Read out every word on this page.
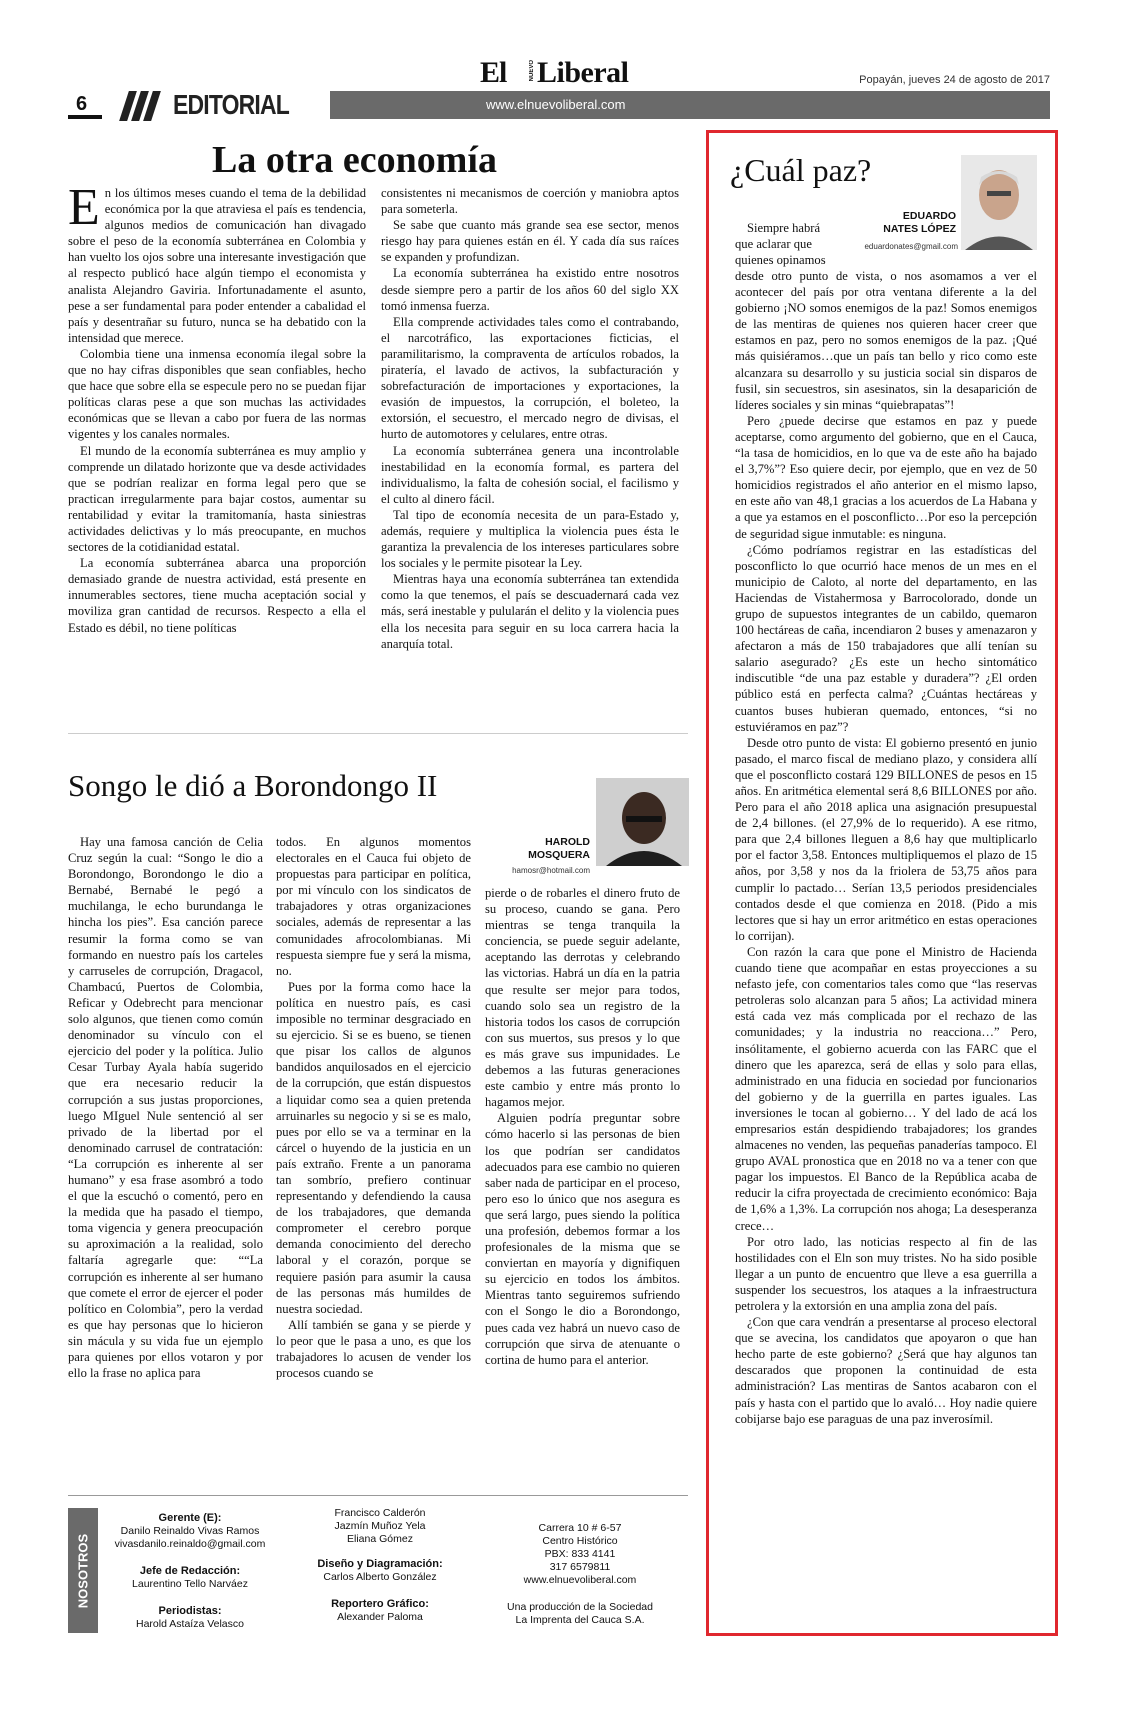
El	NUEVO Liberal	Popayán, jueves 24 de agosto de 2017
6	EDITORIAL	www.elnuevoliberal.com
La otra economía

En los últimos meses cuando el tema de la debilidad económica por la que atraviesa el país es tendencia, algunos medios de comunicación han divagado sobre el peso de la economía subterránea en Colombia y han vuelto los ojos sobre una interesante investigación que al respecto publicó hace algún tiempo el economista y analista Alejandro Gaviria. Infortunadamente el asunto, pese a ser fundamental para poder entender a cabalidad el país y desentrañar su futuro, nunca se ha debatido con la intensidad que merece.

Colombia tiene una inmensa economía ilegal sobre la que no hay cifras disponibles que sean confiables, hecho que hace que sobre ella se especule pero no se puedan fijar políticas claras pese a que son muchas las actividades económicas que se llevan a cabo por fuera de las normas vigentes y los canales normales.

El mundo de la economía subterránea es muy amplio y comprende un dilatado horizonte que va desde actividades que se podrían realizar en forma legal pero que se practican irregularmente para bajar costos, aumentar su rentabilidad y evitar la tramitomanía, hasta siniestras actividades delictivas y lo más preocupante, en muchos sectores de la cotidianidad estatal.

La economía subterránea abarca una proporción demasiado grande de nuestra actividad, está presente en innumerables sectores, tiene mucha aceptación social y moviliza gran cantidad de recursos. Respecto a ella el Estado es débil, no tiene políticas

consistentes ni mecanismos de coerción y maniobra aptos para someterla.

Se sabe que cuanto más grande sea ese sector, menos riesgo hay para quienes están en él. Y cada día sus raíces se expanden y profundizan.

La economía subterránea ha existido entre nosotros desde siempre pero a partir de los años 60 del siglo XX tomó inmensa fuerza.

Ella comprende actividades tales como el contrabando, el narcotráfico, las exportaciones ficticias, el paramilitarismo, la compraventa de artículos robados, la piratería, el lavado de activos, la subfacturación y sobrefacturación de importaciones y exportaciones, la evasión de impuestos, la corrupción, el boleteo, la extorsión, el secuestro, el mercado negro de divisas, el hurto de automotores y celulares, entre otras.

La economía subterránea genera una incontrolable inestabilidad en la economía formal, es partera del individualismo, la falta de cohesión social, el facilismo y el culto al dinero fácil.

Tal tipo de economía necesita de un para-Estado y, además, requiere y multiplica la violencia pues ésta le garantiza la prevalencia de los intereses particulares sobre los sociales y le permite pisotear la Ley.

Mientras haya una economía subterránea tan extendida como la que tenemos, el país se descuadernará cada vez más, será inestable y pulularán el delito y la violencia pues ella los necesita para seguir en su loca carrera hacia la anarquía total.

Songo le dió a Borondongo II
HAROLD
MOSQUERA
hamosr@hotmail.com

Hay una famosa canción de Celia Cruz según la cual: “Songo le dio a Borondongo, Borondongo le dio a Bernabé, Bernabé le pegó a muchilanga, le echo burundanga le hincha los pies”. Esa canción parece resumir la forma como se van formando en nuestro país los carteles y carruseles de corrupción, Dragacol, Chambacú, Puertos de Colombia, Reficar y Odebrecht para mencionar solo algunos, que tienen como común denominador su vínculo con el ejercicio del poder y la política. Julio Cesar Turbay Ayala había sugerido que era necesario reducir la corrupción a sus justas proporciones, luego MIguel Nule sentenció al ser privado de la libertad por el denominado carrusel de contratación: “La corrupción es inherente al ser humano” y esa frase asombró a todo el que la escuchó o comentó, pero en la medida que ha pasado el tiempo, toma vigencia y genera preocupación su aproximación a la realidad, solo faltaría agregarle que: ““La corrupción es inherente al ser humano que comete el error de ejercer el poder político en Colombia”, pero la verdad es que hay personas que lo hicieron sin mácula y su vida fue un ejemplo para quienes por ellos votaron y por ello la frase no aplica para

todos. En algunos momentos electorales en el Cauca fui objeto de propuestas para participar en política, por mi vínculo con los sindicatos de trabajadores y otras organizaciones sociales, además de representar a las comunidades afrocolombianas. Mi respuesta siempre fue y será la misma, no.

Pues por la forma como hace la política en nuestro país, es casi imposible no terminar desgraciado en su ejercicio. Si se es bueno, se tienen que pisar los callos de algunos bandidos anquilosados en el ejercicio de la corrupción, que están dispuestos a liquidar como sea a quien pretenda arruinarles su negocio y si se es malo, pues por ello se va a terminar en la cárcel o huyendo de la justicia en un país extraño. Frente a un panorama tan sombrío, prefiero continuar representando y defendiendo la causa de los trabajadores, que demanda comprometer el cerebro porque demanda conocimiento del derecho laboral y el corazón, porque se requiere pasión para asumir la causa de las personas más humildes de nuestra sociedad.

Allí también se gana y se pierde y lo peor que le pasa a uno, es que los trabajadores lo acusen de vender los procesos cuando se

pierde o de robarles el dinero fruto de su proceso, cuando se gana. Pero mientras se tenga tranquila la conciencia, se puede seguir adelante, aceptando las derrotas y celebrando las victorias. Habrá un día en la patria que resulte ser mejor para todos, cuando solo sea un registro de la historia todos los casos de corrupción con sus muertos, sus presos y lo que es más grave sus impunidades. Le debemos a las futuras generaciones este cambio y entre más pronto lo hagamos mejor.

Alguien podría preguntar sobre cómo hacerlo si las personas de bien los que podrían ser candidatos adecuados para ese cambio no quieren saber nada de participar en el proceso, pero eso lo único que nos asegura es que será largo, pues siendo la política una profesión, debemos formar a los profesionales de la misma que se conviertan en mayoría y dignifiquen su ejercicio en todos los ámbitos. Mientras tanto seguiremos sufriendo con el Songo le dio a Borondongo, pues cada vez habrá un nuevo caso de corrupción que sirva de atenuante o cortina de humo para el anterior.

¿Cuál paz?
EDUARDO
NATES LÓPEZ
eduardonates@gmail.com
Siempre habrá
que aclarar que
quienes opinamos

desde otro punto de vista, o nos asomamos a ver el acontecer del país por otra ventana diferente a la del gobierno ¡NO somos enemigos de la paz! Somos enemigos de las mentiras de quienes nos quieren hacer creer que estamos en paz, pero no somos enemigos de la paz. ¡Qué más quisiéramos…que un país tan bello y rico como este alcanzara su desarrollo y su justicia social sin disparos de fusil, sin secuestros, sin asesinatos, sin la desaparición de líderes sociales y sin minas “quiebrapatas”!

Pero ¿puede decirse que estamos en paz y puede aceptarse, como argumento del gobierno, que en el Cauca, “la tasa de homicidios, en lo que va de este año ha bajado el 3,7%”? Eso quiere decir, por ejemplo, que en vez de 50 homicidios registrados el año anterior en el mismo lapso, en este año van 48,1 gracias a los acuerdos de La Habana y a que ya estamos en el posconflicto…Por eso la percepción de seguridad sigue inmutable: es ninguna.

¿Cómo podríamos registrar en las estadísticas del posconflicto lo que ocurrió hace menos de un mes en el municipio de Caloto, al norte del departamento, en las Haciendas de Vistahermosa y Barrocolorado, donde un grupo de supuestos integrantes de un cabildo, quemaron 100 hectáreas de caña, incendiaron 2 buses y amenazaron y afectaron a más de 150 trabajadores que allí tenían su salario asegurado? ¿Es este un hecho sintomático indiscutible “de una paz estable y duradera”? ¿El orden público está en perfecta calma? ¿Cuántas hectáreas y cuantos buses hubieran quemado, entonces, “si no estuviéramos en paz”?

Desde otro punto de vista: El gobierno presentó en junio pasado, el marco fiscal de mediano plazo, y considera allí que el posconflicto costará 129 BILLONES de pesos en 15 años. En aritmética elemental será 8,6 BILLONES por año. Pero para el año 2018 aplica una asignación presupuestal de 2,4 billones. (el 27,9% de lo requerido). A ese ritmo, para que 2,4 billones lleguen a 8,6 hay que multiplicarlo por el factor 3,58. Entonces multipliquemos el plazo de 15 años, por 3,58 y nos da la friolera de 53,75 años para cumplir lo pactado… Serían 13,5 periodos presidenciales contados desde el que comienza en 2018. (Pido a mis lectores que si hay un error aritmético en estas operaciones lo corrijan).

Con razón la cara que pone el Ministro de Hacienda cuando tiene que acompañar en estas proyecciones a su nefasto jefe, con comentarios tales como que “las reservas petroleras solo alcanzan para 5 años; La actividad minera está cada vez más complicada por el rechazo de las comunidades; y la industria no reacciona…” Pero, insólitamente, el gobierno acuerda con las FARC que el dinero que les aparezca, será de ellas y solo para ellas, administrado en una fiducia en sociedad por funcionarios del gobierno y de la guerrilla en partes iguales. Las inversiones le tocan al gobierno… Y del lado de acá los empresarios están despidiendo trabajadores; los grandes almacenes no venden, las pequeñas panaderías tampoco. El grupo AVAL pronostica que en 2018 no va a tener con que pagar los impuestos. El Banco de la República acaba de reducir la cifra proyectada de crecimiento económico: Baja de 1,6% a 1,3%. La corrupción nos ahoga; La desesperanza crece…

Por otro lado, las noticias respecto al fin de las hostilidades con el Eln son muy tristes. No ha sido posible llegar a un punto de encuentro que lleve a esa guerrilla a suspender los secuestros, los ataques a la infraestructura petrolera y la extorsión en una amplia zona del país.

¿Con que cara vendrán a presentarse al proceso electoral que se avecina, los candidatos que apoyaron o que han hecho parte de este gobierno? ¿Será que hay algunos tan descarados que proponen la continuidad de esta administración? Las mentiras de Santos acabaron con el país y hasta con el partido que lo avaló… Hoy nadie quiere cobijarse bajo ese paraguas de una paz inverosímil.

NOSOTROS
Gerente (E):
Danilo Reinaldo Vivas Ramos
vivasdanilo.reinaldo@gmail.com
Jefe de Redacción:
Laurentino Tello Narváez
Periodistas:
Harold Astaíza Velasco
Francisco Calderón
Jazmín Muñoz Yela
Eliana Gómez
Diseño y Diagramación:
Carlos Alberto González
Reportero Gráfico:
Alexander Paloma
Carrera 10 # 6-57
Centro Histórico
PBX: 833 4141
317 6579811
www.elnuevoliberal.com
Una producción de la Sociedad
La Imprenta del Cauca S.A.
